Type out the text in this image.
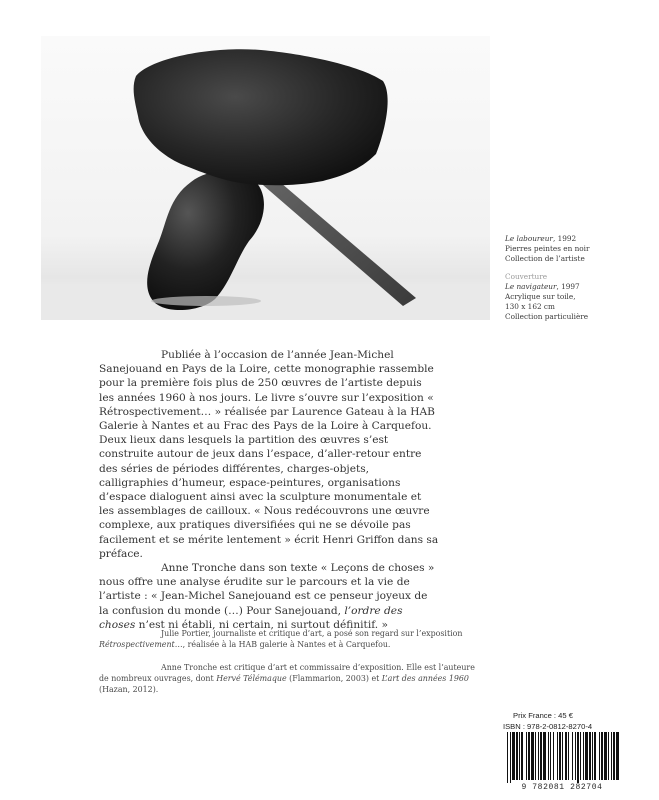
Le laboureur, 1992
Pierres peintes en noir
Collection de l’artiste
Couverture
Le navigateur, 1997
Acrylique sur toile,
130 x 162 cm
Collection particulière

Publiée à l’occasion de l’année Jean-Michel Sanejouand en Pays de la Loire, cette monographie rassemble pour la première fois plus de 250 œuvres de l’artiste depuis les années 1960 à nos jours. Le livre s’ouvre sur l’exposition « Rétrospectivement… » réalisée par Laurence Gateau à la HAB Galerie à Nantes et au Frac des Pays de la Loire à Carquefou. Deux lieux dans lesquels la partition des œuvres s’est construite autour de jeux dans l’espace, d’aller-retour entre des séries de périodes différentes, charges-objets, calligraphies d’humeur, espace-peintures, organisations d’espace dialoguent ainsi avec la sculpture monumentale et les assemblages de cailloux. « Nous redécouvrons une œuvre complexe, aux pratiques diversifiées qui ne se dévoile pas facilement et se mérite lentement » écrit Henri Griffon dans sa préface.

Anne Tronche dans son texte « Leçons de choses » nous offre une analyse érudite sur le parcours et la vie de l’artiste : « Jean-Michel Sanejouand est ce penseur joyeux de la confusion du monde (…) Pour Sanejouand, l’ordre des choses n’est ni établi, ni certain, ni surtout définitif. »

Julie Portier, journaliste et critique d’art, a posé son regard sur l’exposition Rétrospectivement…, réalisée à la HAB galerie à Nantes et à Carquefou.

Anne Tronche est critique d’art et commissaire d’exposition. Elle est l’auteure de nombreux ouvrages, dont Hervé Télémaque (Flammarion, 2003) et L’art des années 1960 (Hazan, 2012).

Prix France : 45 €
ISBN : 978-2-0812-8270-4
9 782081 282704
